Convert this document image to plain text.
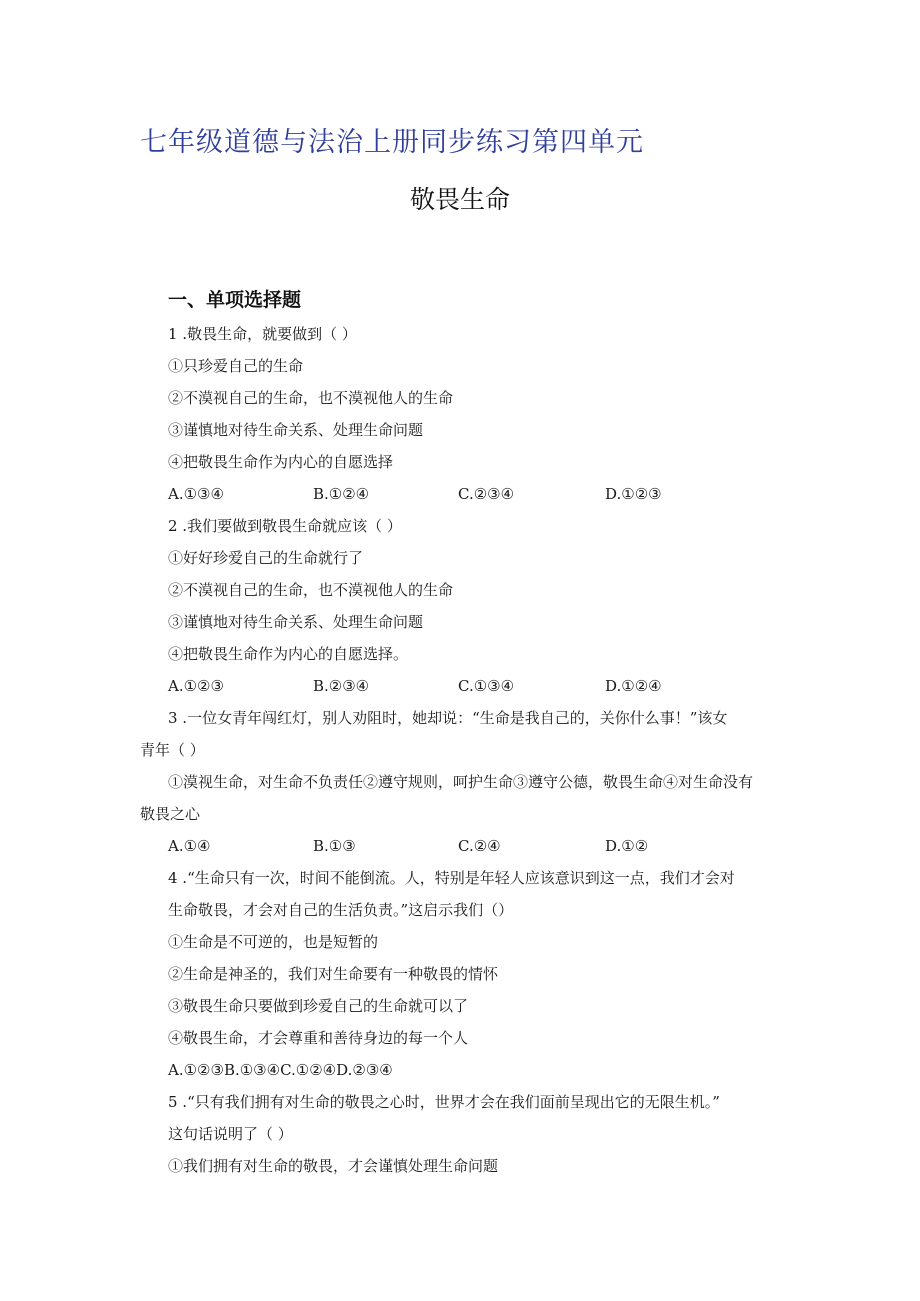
七年级道德与法治上册同步练习第四单元
敬畏生命
一、单项选择题
1 .敬畏生命，就要做到（ ）
①只珍爱自己的生命
②不漠视自己的生命，也不漠视他人的生命
③谨慎地对待生命关系、处理生命问题
④把敬畏生命作为内心的自愿选择
A.①③④	B.①②④	C.②③④	D.①②③
2 .我们要做到敬畏生命就应该（ ）
①好好珍爱自己的生命就行了
②不漠视自己的生命，也不漠视他人的生命
③谨慎地对待生命关系、处理生命问题
④把敬畏生命作为内心的自愿选择。
A.①②③	B.②③④	C.①③④	D.①②④
3 .一位女青年闯红灯，别人劝阻时，她却说：“生命是我自己的，关你什么事！”该女
青年（ ）
①漠视生命，对生命不负责任②遵守规则，呵护生命③遵守公德，敬畏生命④对生命没有
敬畏之心
A.①④	B.①③	C.②④	D.①②
4 .“生命只有一次，时间不能倒流。人，特别是年轻人应该意识到这一点，我们才会对
生命敬畏，才会对自己的生活负责。”这启示我们（）
①生命是不可逆的，也是短暂的
②生命是神圣的，我们对生命要有一种敬畏的情怀
③敬畏生命只要做到珍爱自己的生命就可以了
④敬畏生命，才会尊重和善待身边的每一个人
A.①②③B.①③④C.①②④D.②③④
5 .“只有我们拥有对生命的敬畏之心时，世界才会在我们面前呈现出它的无限生机。”
这句话说明了（ ）
①我们拥有对生命的敬畏，才会谨慎处理生命问题
